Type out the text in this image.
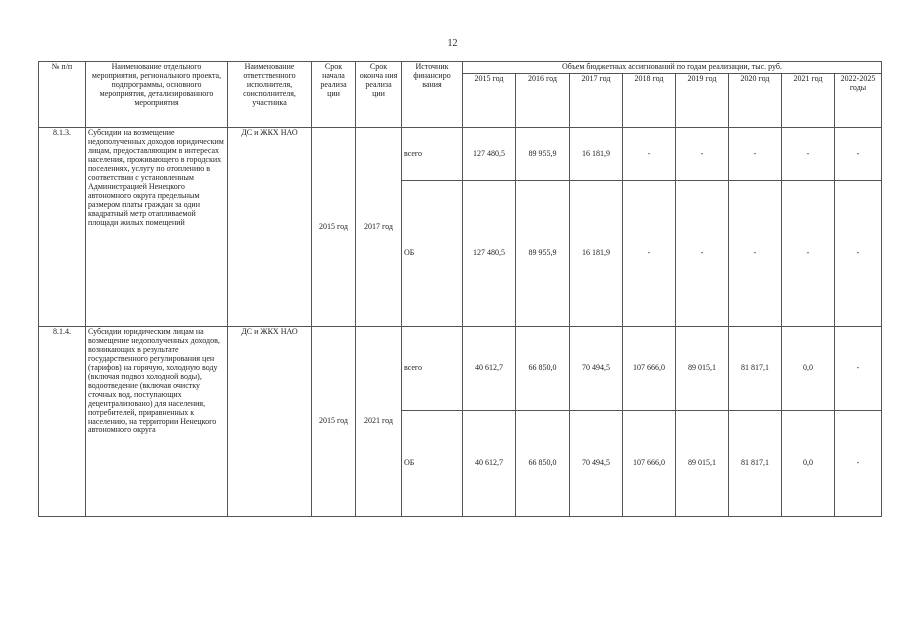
12
№ п/п	Наименование отдельного мероприятия, регионального проекта, подпрограммы, основного мероприятия, детализированного мероприятия	Наименование ответственного исполнителя, соисполнителя, участника	Срок начала реализа ции	Срок оконча ния реализа ции	Источник финансиро вания	Объем бюджетных ассигнований по годам реализации, тыс. руб.							
						2015 год	2016 год	2017 год	2018 год	2019 год	2020 год	2021 год	2022-2025 годы
8.1.3.	Субсидии на возмещение недополученных доходов юридическим лицам, предоставляющим в интересах населения, проживающего в городских поселениях, услугу по отоплению в соответствии с установленным Администрацией Ненецкого автономного округа предельным размером платы граждан за один квадратный метр отапливаемой площади жилых помещений	ДС и ЖКХ НАО	2015 год	2017 год	всего	127 480,5	89 955,9	16 181,9	-	-	-	-	-
					ОБ	127 480,5	89 955,9	16 181,9	-	-	-	-	-
8.1.4.	Субсидии юридическим лицам на возмещение недополученных доходов, возникающих в результате государственного регулирования цен (тарифов) на горячую, холодную воду (включая подвоз холодной воды), водоотведение (включая очистку сточных вод, поступающих децентрализовано) для населения, потребителей, приравненных к населению, на территории Ненецкого автономного округа	ДС и ЖКХ НАО	2015 год	2021 год	всего	40 612,7	66 850,0	70 494,5	107 666,0	89 015,1	81 817,1	0,0	-
					ОБ	40 612,7	66 850,0	70 494,5	107 666,0	89 015,1	81 817,1	0,0	-
